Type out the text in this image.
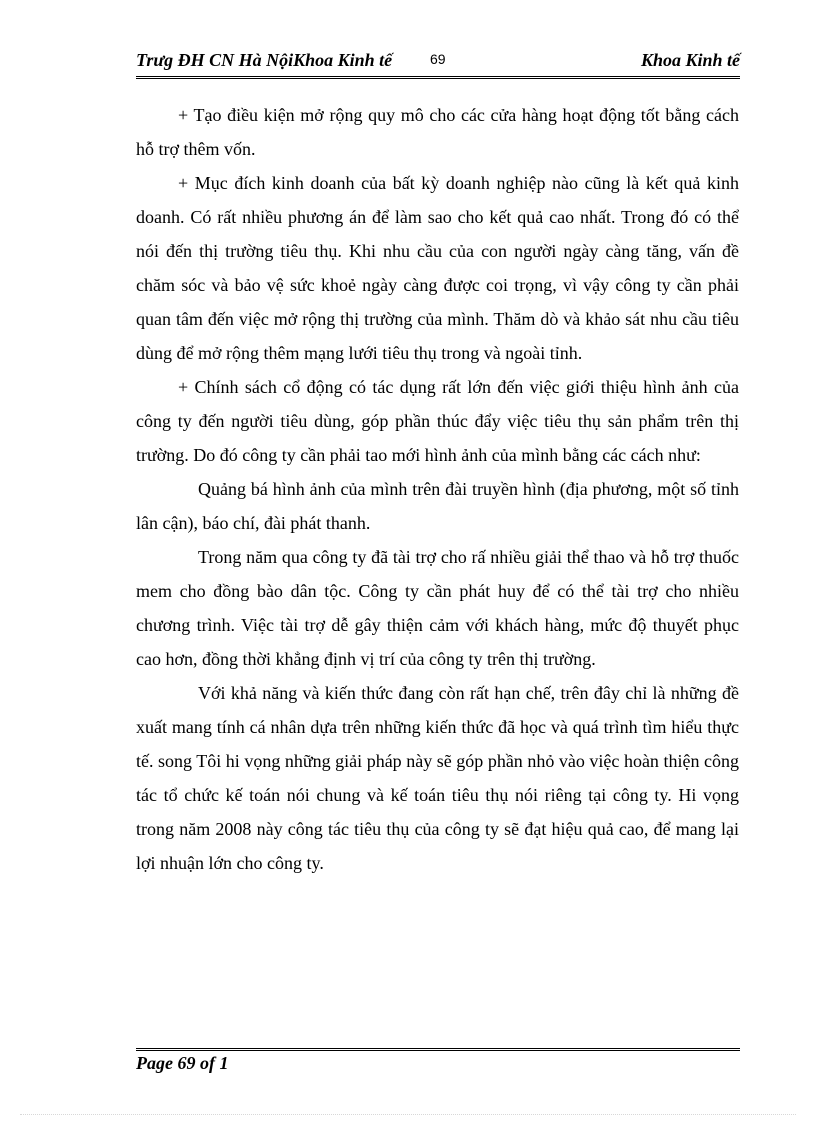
Trưg ĐH CN Hà NộiKhoa Kinh tế	69	Khoa Kinh tế

+ Tạo điều kiện mở rộng quy mô cho các cửa hàng hoạt động tốt bằng cách hỗ trợ thêm vốn.

+ Mục đích kinh doanh của bất kỳ doanh nghiệp nào cũng là kết quả kinh doanh. Có rất nhiều phương án để làm sao cho kết quả cao nhất. Trong đó có thể nói đến thị trường tiêu thụ. Khi nhu cầu của con người ngày càng tăng, vấn đề chăm sóc và bảo vệ sức khoẻ ngày càng được coi trọng, vì vậy công ty cần phải quan tâm đến việc mở rộng thị trường của mình. Thăm dò và khảo sát nhu cầu tiêu dùng để mở rộng thêm mạng lưới tiêu thụ trong và ngoài tỉnh.

+ Chính sách cổ động có tác dụng rất lớn đến việc giới thiệu hình ảnh của công ty đến người tiêu dùng, góp phần thúc đẩy việc tiêu thụ sản phẩm trên thị trường. Do đó công ty cần phải tao mới hình ảnh của mình bằng các cách như:

Quảng bá hình ảnh của mình trên đài truyền hình (địa phương, một số tỉnh lân cận), báo chí, đài phát thanh.

Trong năm qua công ty đã tài trợ cho rấ nhiều giải thể thao và hỗ trợ thuốc mem cho đồng bào dân tộc. Công ty cần phát huy để có thể tài trợ cho nhiều chương trình. Việc tài trợ dễ gây thiện cảm với khách hàng, mức độ thuyết phục cao hơn, đồng thời khẳng định vị trí của công ty trên thị trường.

Với khả năng và kiến thức đang còn rất hạn chế, trên đây chỉ là những đề xuất mang tính cá nhân dựa trên những kiến thức đã học và quá trình tìm hiểu thực tế. song Tôi hi vọng những giải pháp này sẽ góp phần nhỏ vào việc hoàn thiện công tác tổ chức kế toán nói chung và kế toán tiêu thụ nói riêng tại công ty. Hi vọng trong năm 2008 này công tác tiêu thụ của công ty sẽ đạt hiệu quả cao, để mang lại lợi nhuận lớn cho công ty.

Page 69 of 1
